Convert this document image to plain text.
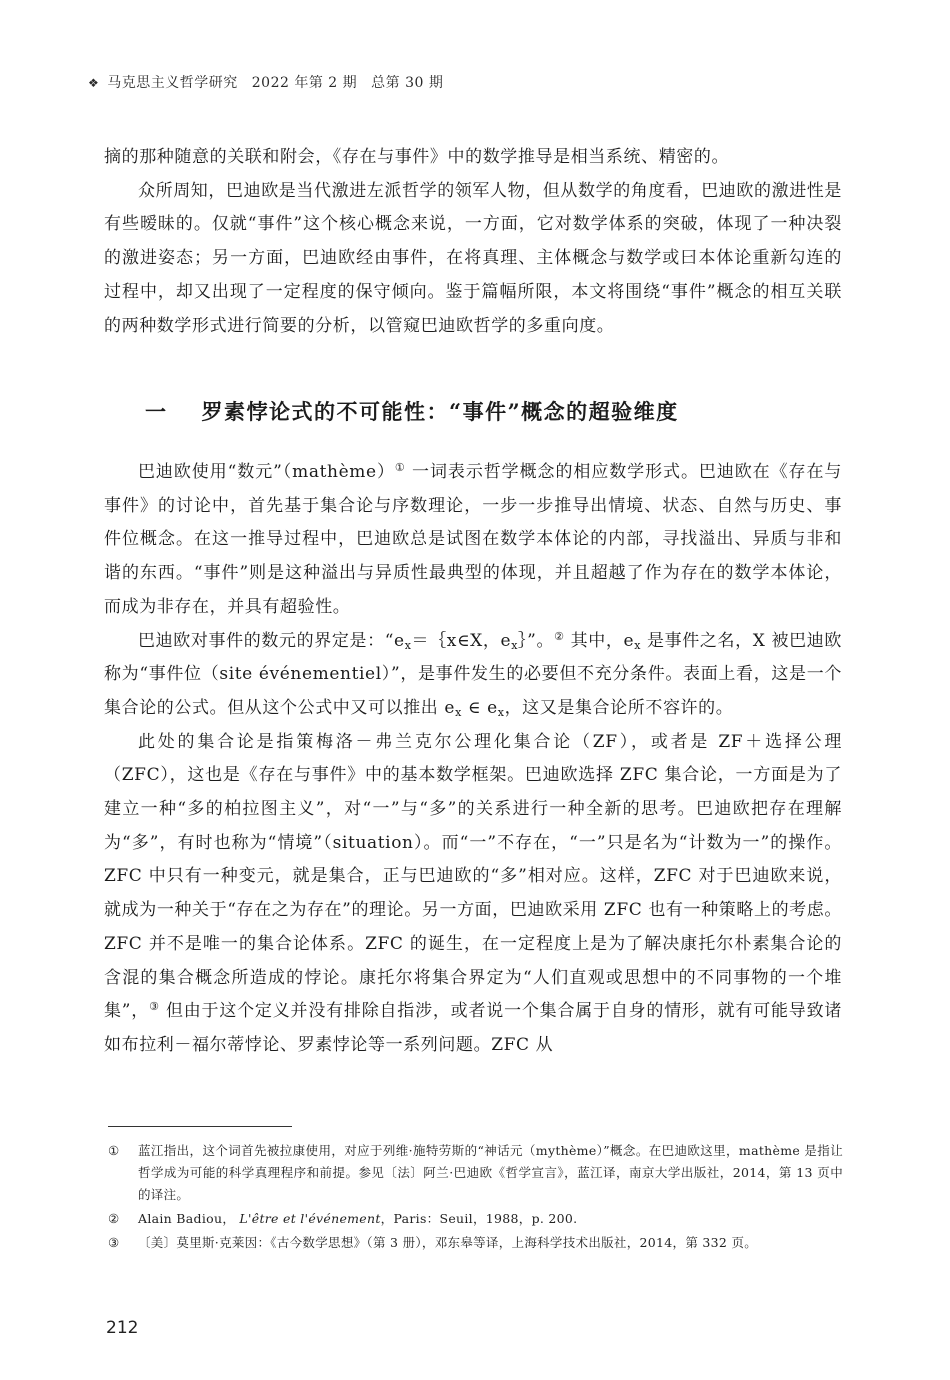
❖ 马克思主义哲学研究 2022 年第 2 期 总第 30 期

摘的那种随意的关联和附会，《存在与事件》中的数学推导是相当系统、精密的。

众所周知，巴迪欧是当代激进左派哲学的领军人物，但从数学的角度看，巴迪欧的激进性是有些暧昧的。仅就“事件”这个核心概念来说，一方面，它对数学体系的突破，体现了一种决裂的激进姿态；另一方面，巴迪欧经由事件，在将真理、主体概念与数学或曰本体论重新勾连的过程中，却又出现了一定程度的保守倾向。鉴于篇幅所限，本文将围绕“事件”概念的相互关联的两种数学形式进行简要的分析，以管窥巴迪欧哲学的多重向度。

一 罗素悖论式的不可能性：“事件”概念的超验维度

巴迪欧使用“数元”（mathème）① 一词表示哲学概念的相应数学形式。巴迪欧在《存在与事件》的讨论中，首先基于集合论与序数理论，一步一步推导出情境、状态、自然与历史、事件位概念。在这一推导过程中，巴迪欧总是试图在数学本体论的内部，寻找溢出、异质与非和谐的东西。“事件”则是这种溢出与异质性最典型的体现，并且超越了作为存在的数学本体论，而成为非存在，并具有超验性。

巴迪欧对事件的数元的界定是：“$e_x=\{x\in X$，$e_x\}$”。② 其中，$e_x$ 是事件之名，X 被巴迪欧称为“事件位（site événementiel）”，是事件发生的必要但不充分条件。表面上看，这是一个集合论的公式。但从这个公式中又可以推出 $e_x$ ∈ $e_x$，这又是集合论所不容许的。

此处的集合论是指策梅洛－弗兰克尔公理化集合论（ZF），或者是 ZF＋选择公理（ZFC），这也是《存在与事件》中的基本数学框架。巴迪欧选择 ZFC 集合论，一方面是为了建立一种“多的柏拉图主义”，对“一”与“多”的关系进行一种全新的思考。巴迪欧把存在理解为“多”，有时也称为“情境”（situation）。而“一”不存在，“一”只是名为“计数为一”的操作。ZFC 中只有一种变元，就是集合，正与巴迪欧的“多”相对应。这样，ZFC 对于巴迪欧来说，就成为一种关于“存在之为存在”的理论。另一方面，巴迪欧采用 ZFC 也有一种策略上的考虑。ZFC 并不是唯一的集合论体系。ZFC 的诞生，在一定程度上是为了解决康托尔朴素集合论的含混的集合概念所造成的悖论。康托尔将集合界定为“人们直观或思想中的不同事物的一个堆集”，③ 但由于这个定义并没有排除自指涉，或者说一个集合属于自身的情形，就有可能导致诸如布拉利－福尔蒂悖论、罗素悖论等一系列问题。ZFC 从

①	蓝江指出，这个词首先被拉康使用，对应于列维·施特劳斯的“神话元（mythème）”概念。在巴迪欧这里，mathème 是指让哲学成为可能的科学真理程序和前提。参见〔法〕阿兰·巴迪欧《哲学宣言》，蓝江译，南京大学出版社，2014，第 13 页中的译注。
②	Alain Badiou， L'être et l'événement，Paris：Seuil，1988，p. 200.
③	〔美〕莫里斯·克莱因：《古今数学思想》（第 3 册），邓东皋等译，上海科学技术出版社，2014，第 332 页。
212
